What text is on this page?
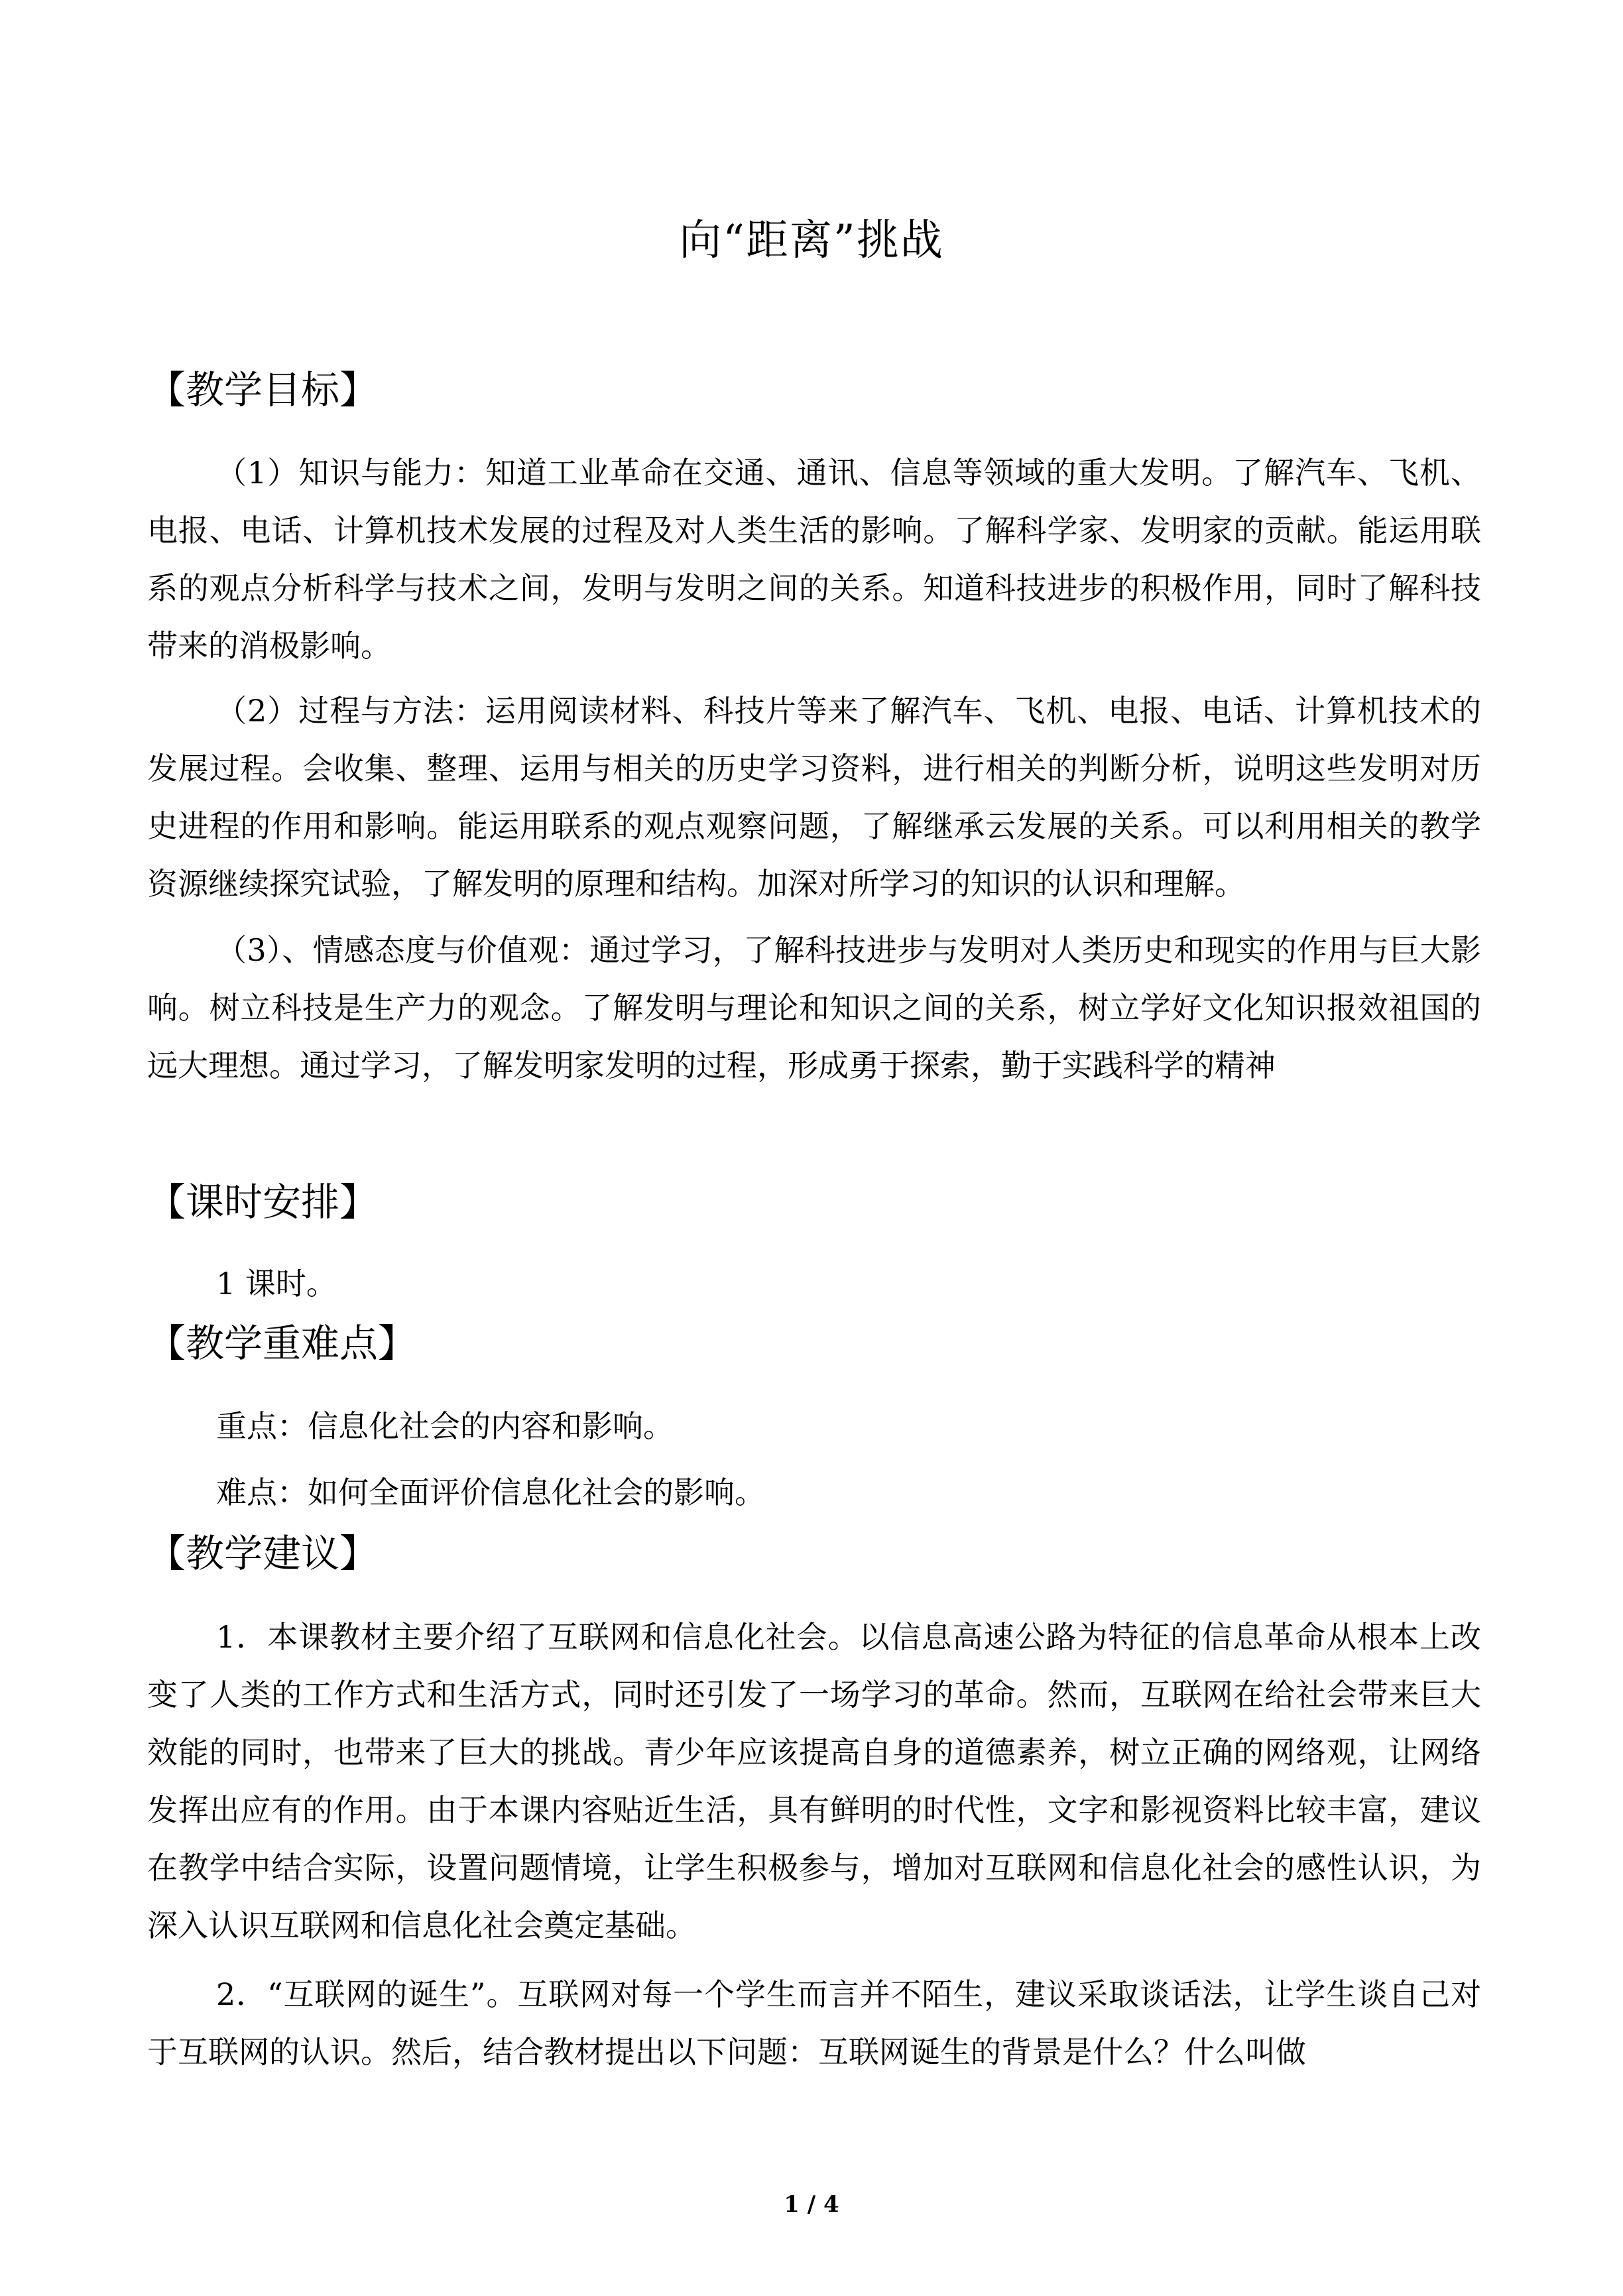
向“距离”挑战
【教学目标】
（1）知识与能力：知道工业革命在交通、通讯、信息等领域的重大发明。了解汽车、飞机、电报、电话、计算机技术发展的过程及对人类生活的影响。了解科学家、发明家的贡献。能运用联系的观点分析科学与技术之间，发明与发明之间的关系。知道科技进步的积极作用，同时了解科技带来的消极影响。
（2）过程与方法：运用阅读材料、科技片等来了解汽车、飞机、电报、电话、计算机技术的发展过程。会收集、整理、运用与相关的历史学习资料，进行相关的判断分析，说明这些发明对历史进程的作用和影响。能运用联系的观点观察问题，了解继承云发展的关系。可以利用相关的教学资源继续探究试验，了解发明的原理和结构。加深对所学习的知识的认识和理解。
（3）、情感态度与价值观：通过学习，了解科技进步与发明对人类历史和现实的作用与巨大影响。树立科技是生产力的观念。了解发明与理论和知识之间的关系，树立学好文化知识报效祖国的远大理想。通过学习，了解发明家发明的过程，形成勇于探索，勤于实践科学的精神
【课时安排】
1 课时。
【教学重难点】
重点：信息化社会的内容和影响。
难点：如何全面评价信息化社会的影响。
【教学建议】
1．本课教材主要介绍了互联网和信息化社会。以信息高速公路为特征的信息革命从根本上改变了人类的工作方式和生活方式，同时还引发了一场学习的革命。然而，互联网在给社会带来巨大效能的同时，也带来了巨大的挑战。青少年应该提高自身的道德素养，树立正确的网络观，让网络发挥出应有的作用。由于本课内容贴近生活，具有鲜明的时代性，文字和影视资料比较丰富，建议在教学中结合实际，设置问题情境，让学生积极参与，增加对互联网和信息化社会的感性认识，为深入认识互联网和信息化社会奠定基础。
2．“互联网的诞生”。互联网对每一个学生而言并不陌生，建议采取谈话法，让学生谈自己对于互联网的认识。然后，结合教材提出以下问题：互联网诞生的背景是什么？什么叫做
1 / 4
